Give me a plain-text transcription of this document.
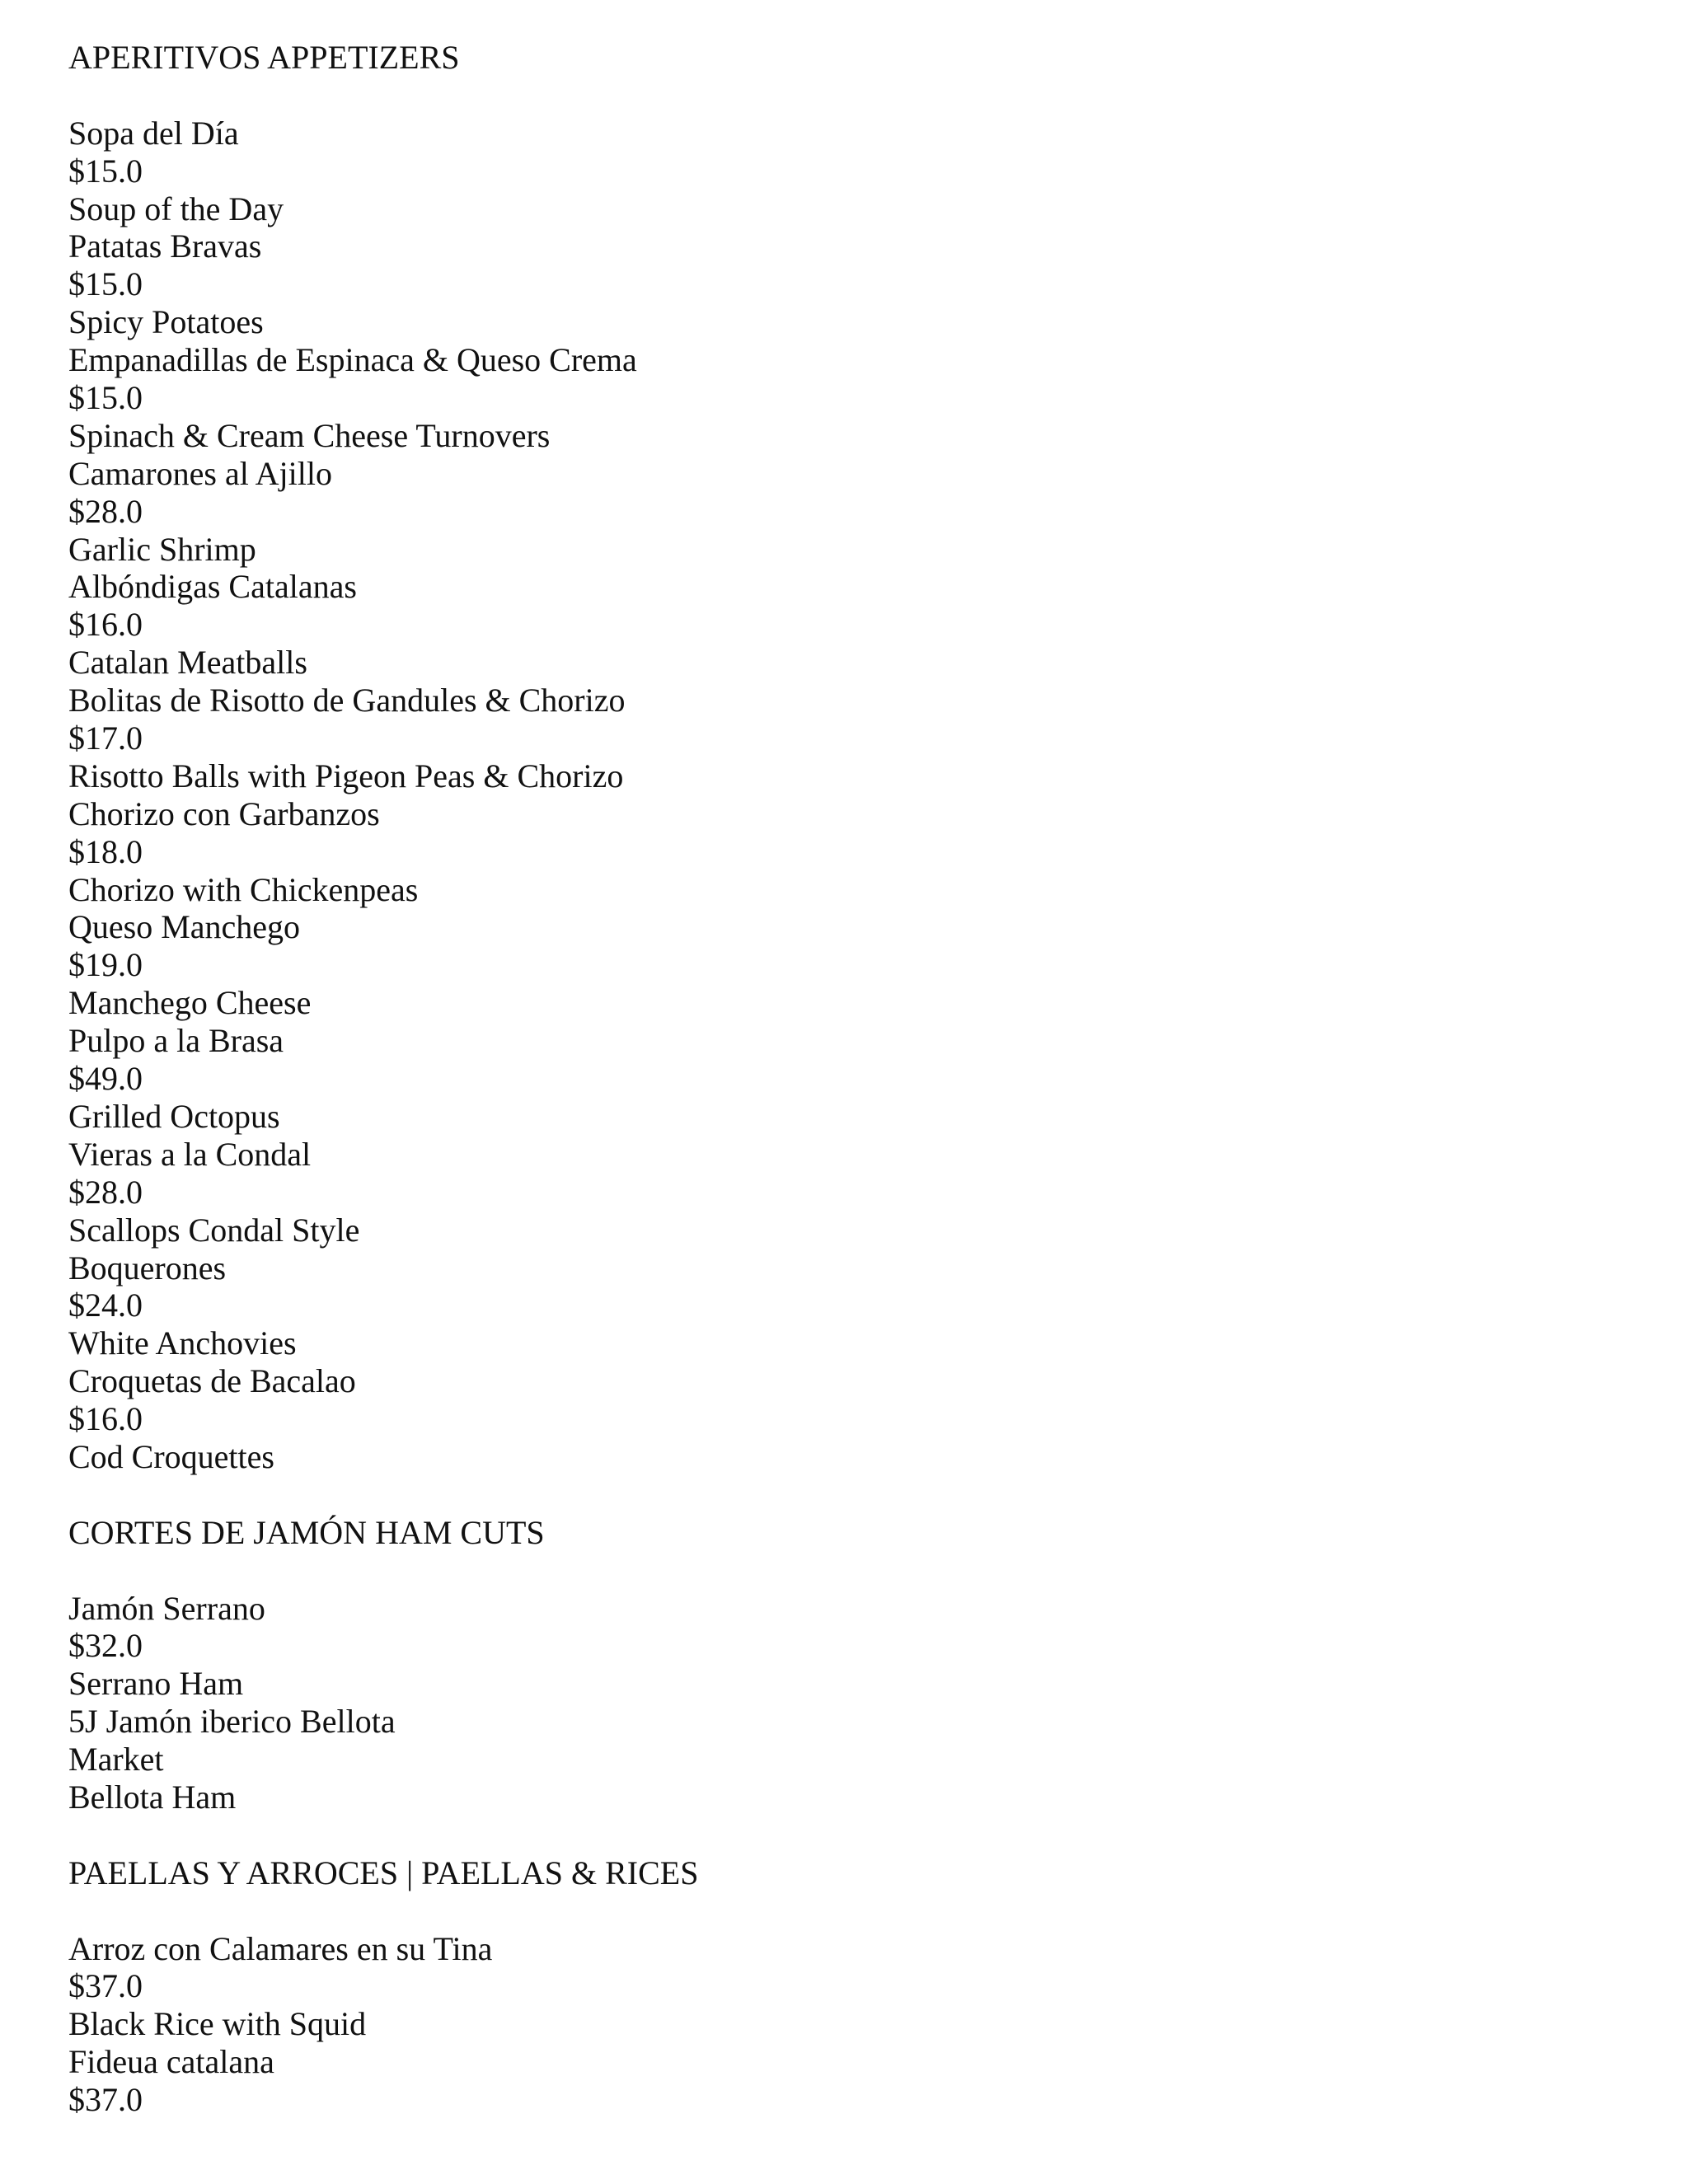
APERITIVOS APPETIZERS
Sopa del Día
$15.0
Soup of the Day
Patatas Bravas
$15.0
Spicy Potatoes
Empanadillas de Espinaca & Queso Crema
$15.0
Spinach & Cream Cheese Turnovers
Camarones al Ajillo
$28.0
Garlic Shrimp
Albóndigas Catalanas
$16.0
Catalan Meatballs
Bolitas de Risotto de Gandules & Chorizo
$17.0
Risotto Balls with Pigeon Peas & Chorizo
Chorizo con Garbanzos
$18.0
Chorizo with Chickenpeas
Queso Manchego
$19.0
Manchego Cheese
Pulpo a la Brasa
$49.0
Grilled Octopus
Vieras a la Condal
$28.0
Scallops Condal Style
Boquerones
$24.0
White Anchovies
Croquetas de Bacalao
$16.0
Cod Croquettes
CORTES DE JAMÓN HAM CUTS
Jamón Serrano
$32.0
Serrano Ham
5J Jamón iberico Bellota
Market
Bellota Ham
PAELLAS Y ARROCES | PAELLAS & RICES
Arroz con Calamares en su Tina
$37.0
Black Rice with Squid
Fideua catalana
$37.0
